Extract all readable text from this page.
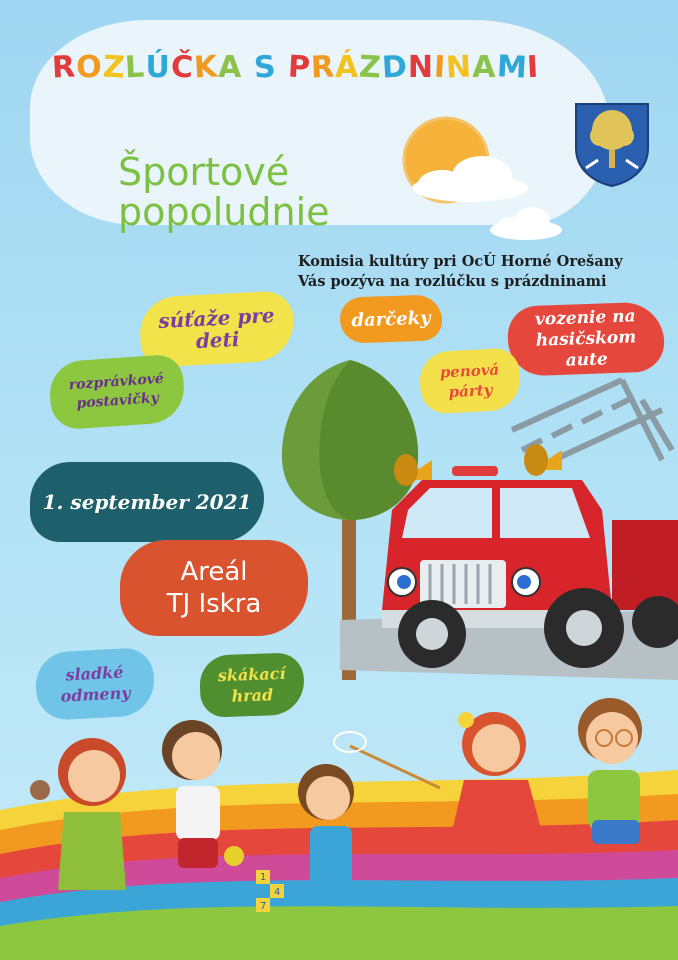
ROZLÚČKA S PRÁZDNINAMI
Športové
popoludnie
Komisia kultúry pri OcÚ Horné Orešany
Vás pozýva na rozlúčku s prázdninami
súťaže pre deti
darčeky	vozenie na hasičskom aute
rozprávkové postavičky
penová párty
1. september 2021
Areál
TJ Iskra
sladké odmeny
skákací hrad
1
4
7
